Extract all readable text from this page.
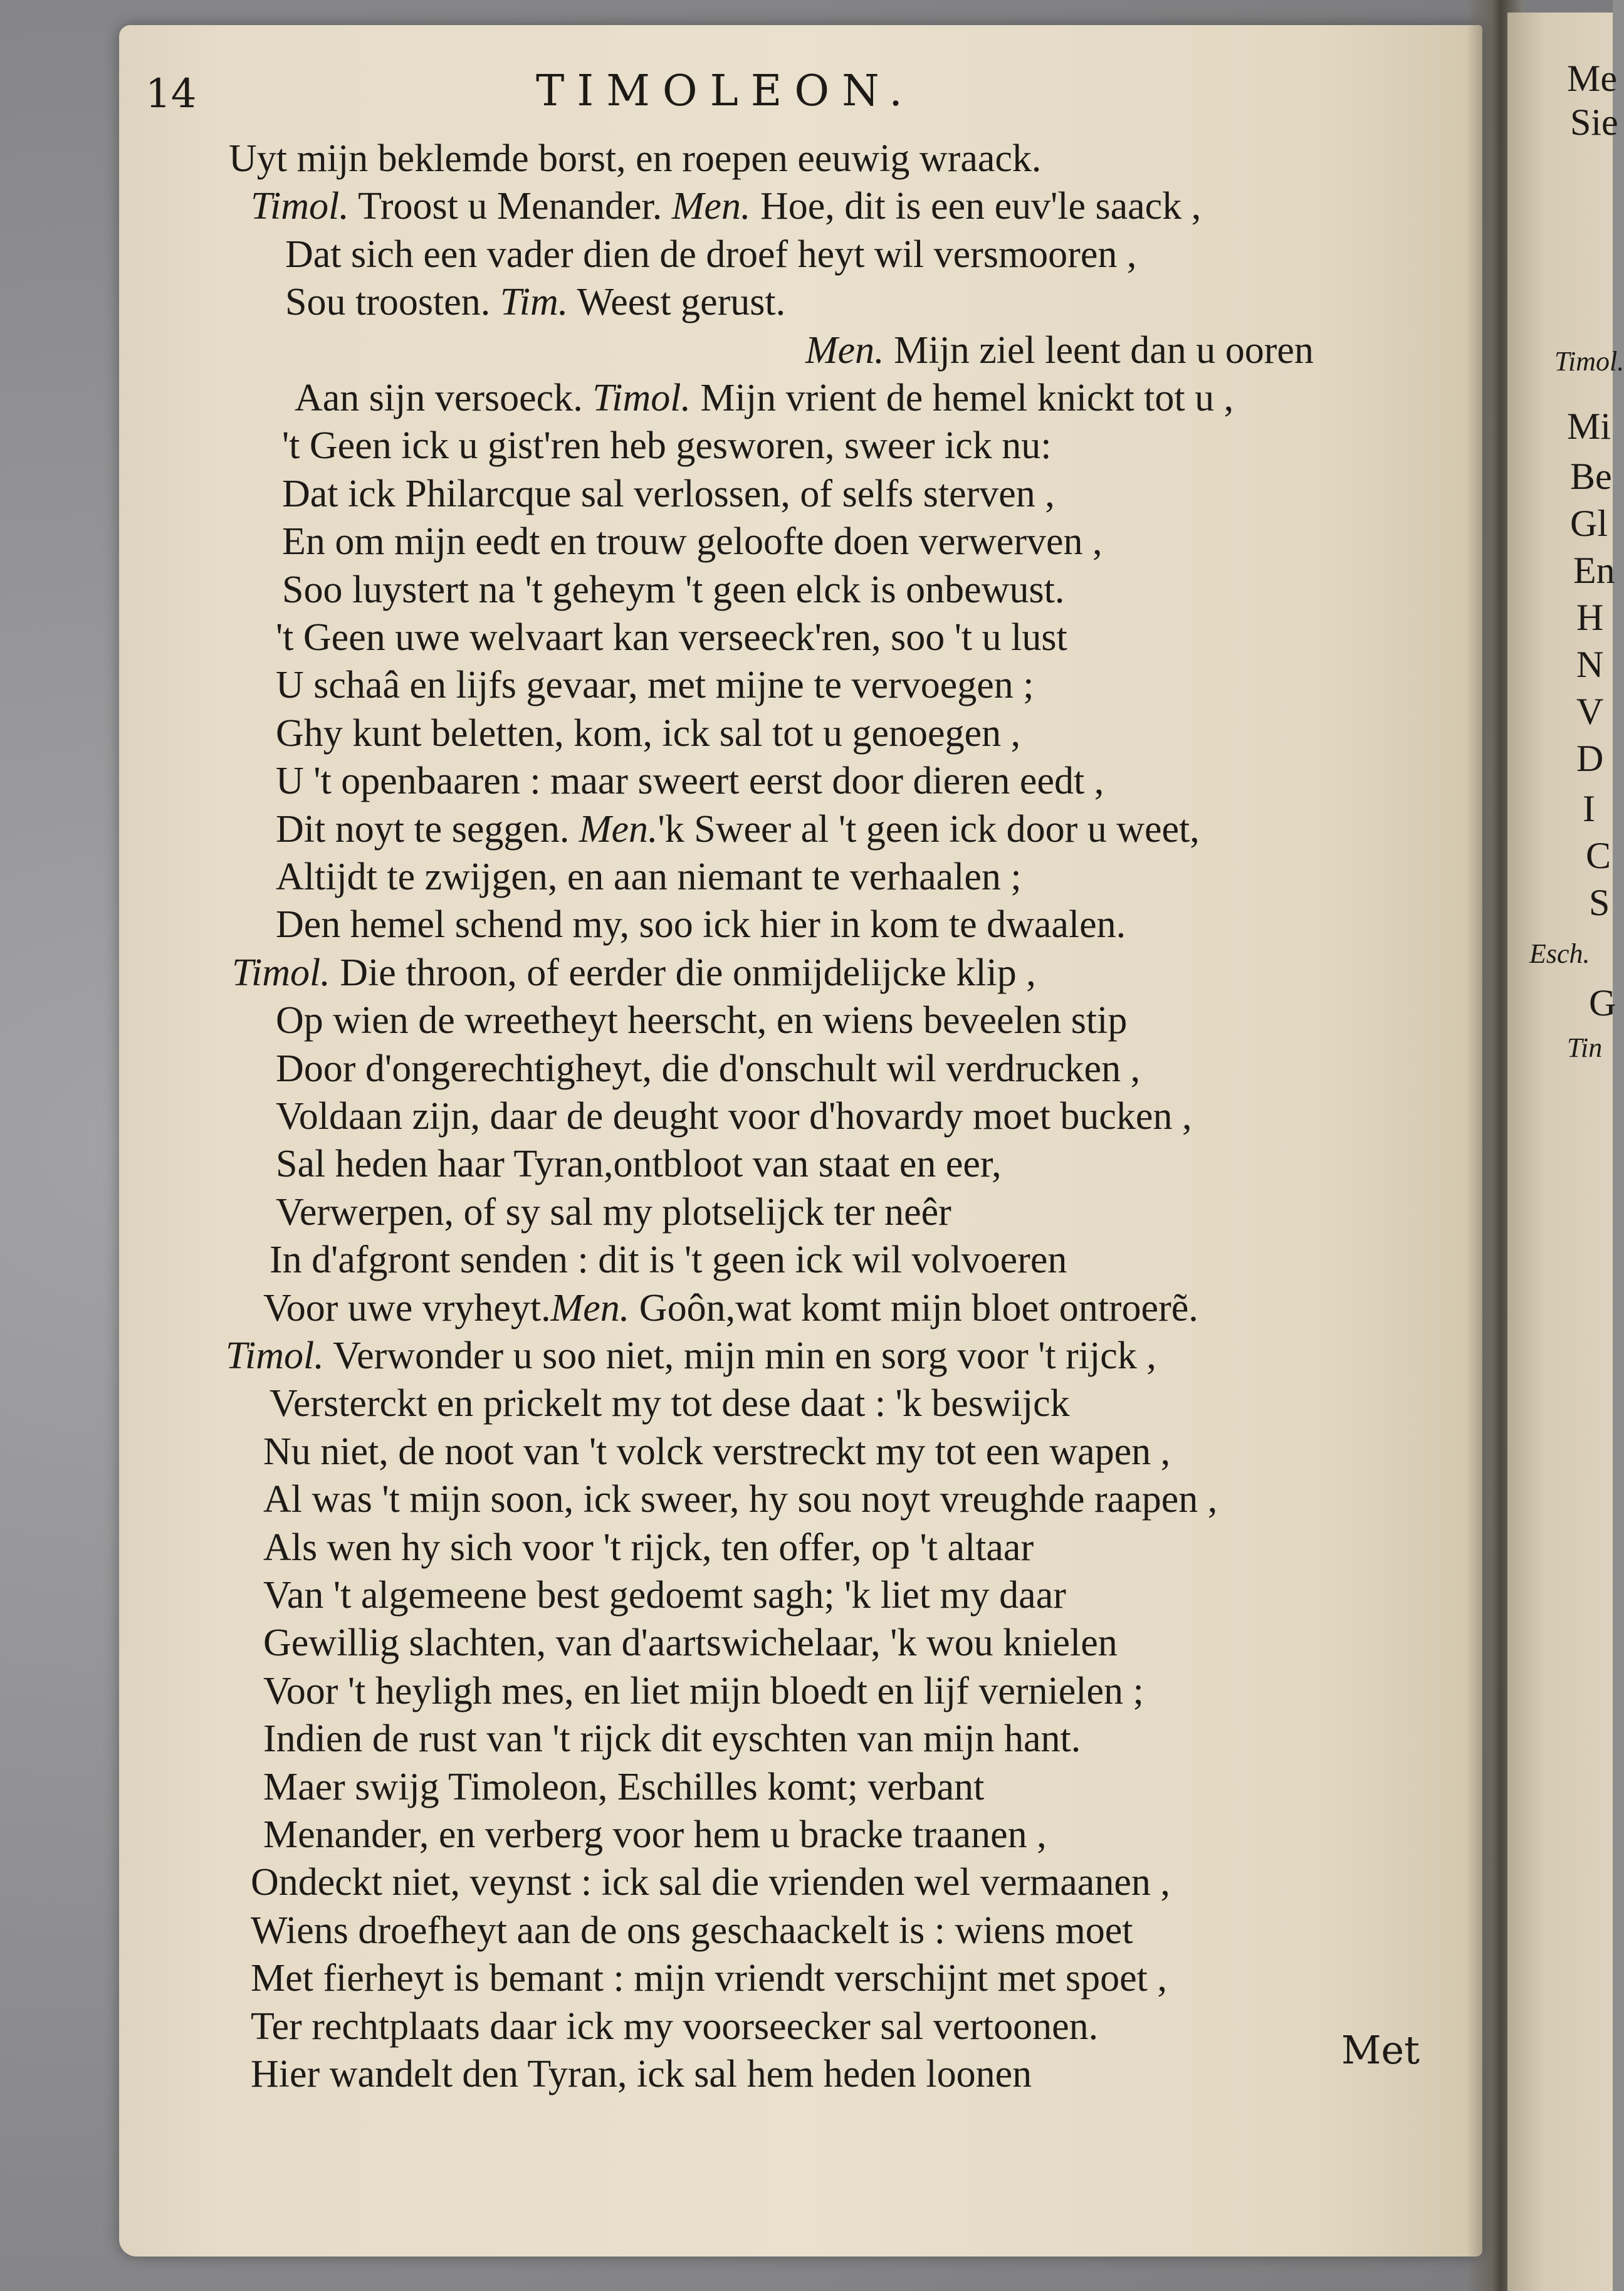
Me
Sie
Timol.
Mi
Be
Gl
En
H
N
V
D
I
C
S
Esch.
G
Tin
14	TIMOLEON.
Uyt mijn beklemde borst, en roepen eeuwig wraack.
Timol. Troost u Menander. Men. Hoe, dit is een euv'le saack ,
Dat sich een vader dien de droef heyt wil versmooren ,
Sou troosten. Tim. Weest gerust.
Men. Mijn ziel leent dan u ooren
Aan sijn versoeck. Timol. Mijn vrient de hemel knickt tot u ,
't Geen ick u gist'ren heb gesworen, sweer ick nu:
Dat ick Philarcque sal verlossen, of selfs sterven ,
En om mijn eedt en trouw geloofte doen verwerven ,
Soo luystert na 't geheym 't geen elck is onbewust.
't Geen uwe welvaart kan verseeck'ren, soo 't u lust
U schaâ en lijfs gevaar, met mijne te vervoegen ;
Ghy kunt beletten, kom, ick sal tot u genoegen ,
U 't openbaaren : maar sweert eerst door dieren eedt ,
Dit noyt te seggen. Men.'k Sweer al 't geen ick door u weet,
Altijdt te zwijgen, en aan niemant te verhaalen ;
Den hemel schend my, soo ick hier in kom te dwaalen.
Timol. Die throon, of eerder die onmijdelijcke klip ,
Op wien de wreetheyt heerscht, en wiens beveelen stip
Door d'ongerechtigheyt, die d'onschult wil verdrucken ,
Voldaan zijn, daar de deught voor d'hovardy moet bucken ,
Sal heden haar Tyran,ontbloot van staat en eer,
Verwerpen, of sy sal my plotselijck ter neêr
In d'afgront senden : dit is 't geen ick wil volvoeren
Voor uwe vryheyt.Men. Goôn,wat komt mijn bloet ontroerẽ.
Timol. Verwonder u soo niet, mijn min en sorg voor 't rijck ,
Versterckt en prickelt my tot dese daat : 'k beswijck
Nu niet, de noot van 't volck verstreckt my tot een wapen ,
Al was 't mijn soon, ick sweer, hy sou noyt vreughde raapen ,
Als wen hy sich voor 't rijck, ten offer, op 't altaar
Van 't algemeene best gedoemt sagh; 'k liet my daar
Gewillig slachten, van d'aartswichelaar, 'k wou knielen
Voor 't heyligh mes, en liet mijn bloedt en lijf vernielen ;
Indien de rust van 't rijck dit eyschten van mijn hant.
Maer swijg Timoleon, Eschilles komt; verbant
Menander, en verberg voor hem u bracke traanen ,
Ondeckt niet, veynst : ick sal die vrienden wel vermaanen ,
Wiens droefheyt aan de ons geschaackelt is : wiens moet
Met fierheyt is bemant : mijn vriendt verschijnt met spoet ,
Ter rechtplaats daar ick my voorseecker sal vertoonen.
Hier wandelt den Tyran, ick sal hem heden loonen
Met
